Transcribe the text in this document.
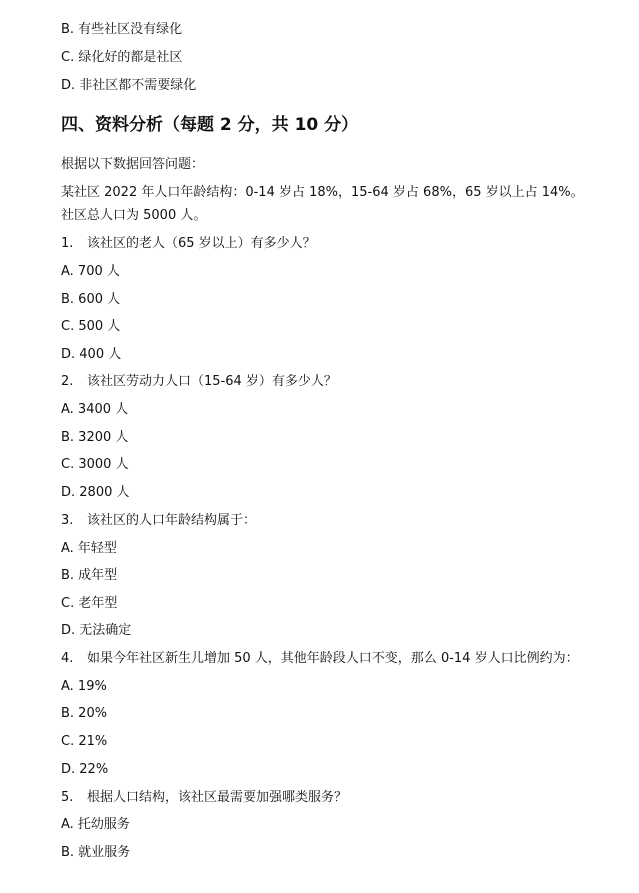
B. 有些社区没有绿化
C. 绿化好的都是社区
D. 非社区都不需要绿化
四、资料分析（每题 2 分，共 10 分）
根据以下数据回答问题：
某社区 2022 年人口年龄结构：0-14 岁占 18%，15-64 岁占 68%，65 岁以上占 14%。
社区总人口为 5000 人。
1. 该社区的老人（65 岁以上）有多少人？
A. 700 人
B. 600 人
C. 500 人
D. 400 人
2. 该社区劳动力人口（15-64 岁）有多少人？
A. 3400 人
B. 3200 人
C. 3000 人
D. 2800 人
3. 该社区的人口年龄结构属于：
A. 年轻型
B. 成年型
C. 老年型
D. 无法确定
4. 如果今年社区新生儿增加 50 人，其他年龄段人口不变，那么 0-14 岁人口比例约为：
A. 19%
B. 20%
C. 21%
D. 22%
5. 根据人口结构，该社区最需要加强哪类服务？
A. 托幼服务
B. 就业服务
